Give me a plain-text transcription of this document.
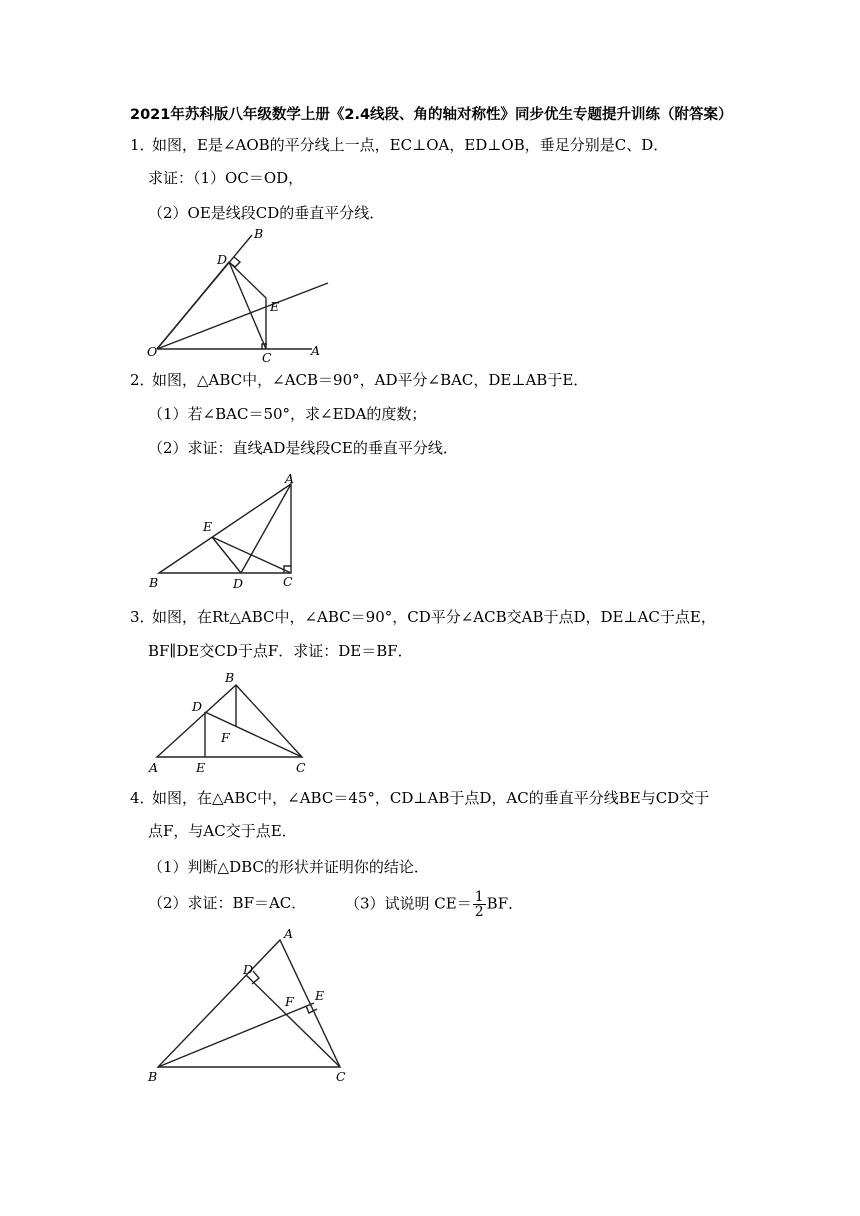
2021年苏科版八年级数学上册《2.4线段、角的轴对称性》同步优生专题提升训练（附答案）
1．
如图，E是∠AOB的平分线上一点，EC⊥OA，ED⊥OB，垂足分别是C、D．
求证：（1）OC＝OD，
（2）OE是线段CD的垂直平分线．
B
D
E
O	C	A
2．
如图，△ABC中，∠ACB＝90°，AD平分∠BAC，DE⊥AB于E．
（1）若∠BAC＝50°，求∠EDA的度数；
（2）求证：直线AD是线段CE的垂直平分线．
A
E
B	D	C
3．
如图，在Rt△ABC中，∠ABC＝90°，CD平分∠ACB交AB于点D，DE⊥AC于点E，
BF∥DE交CD于点F．求证：DE＝BF．
B
D
F
A	E	C
4．
如图，在△ABC中，∠ABC＝45°，CD⊥AB于点D，AC的垂直平分线BE与CD交于
点F，与AC交于点E．
（1）判断△DBC的形状并证明你的结论．
（2）求证：BF＝AC．	（3）试说明 $CE= \frac{1}{2}$ BF．
A
D
F E
B	C
